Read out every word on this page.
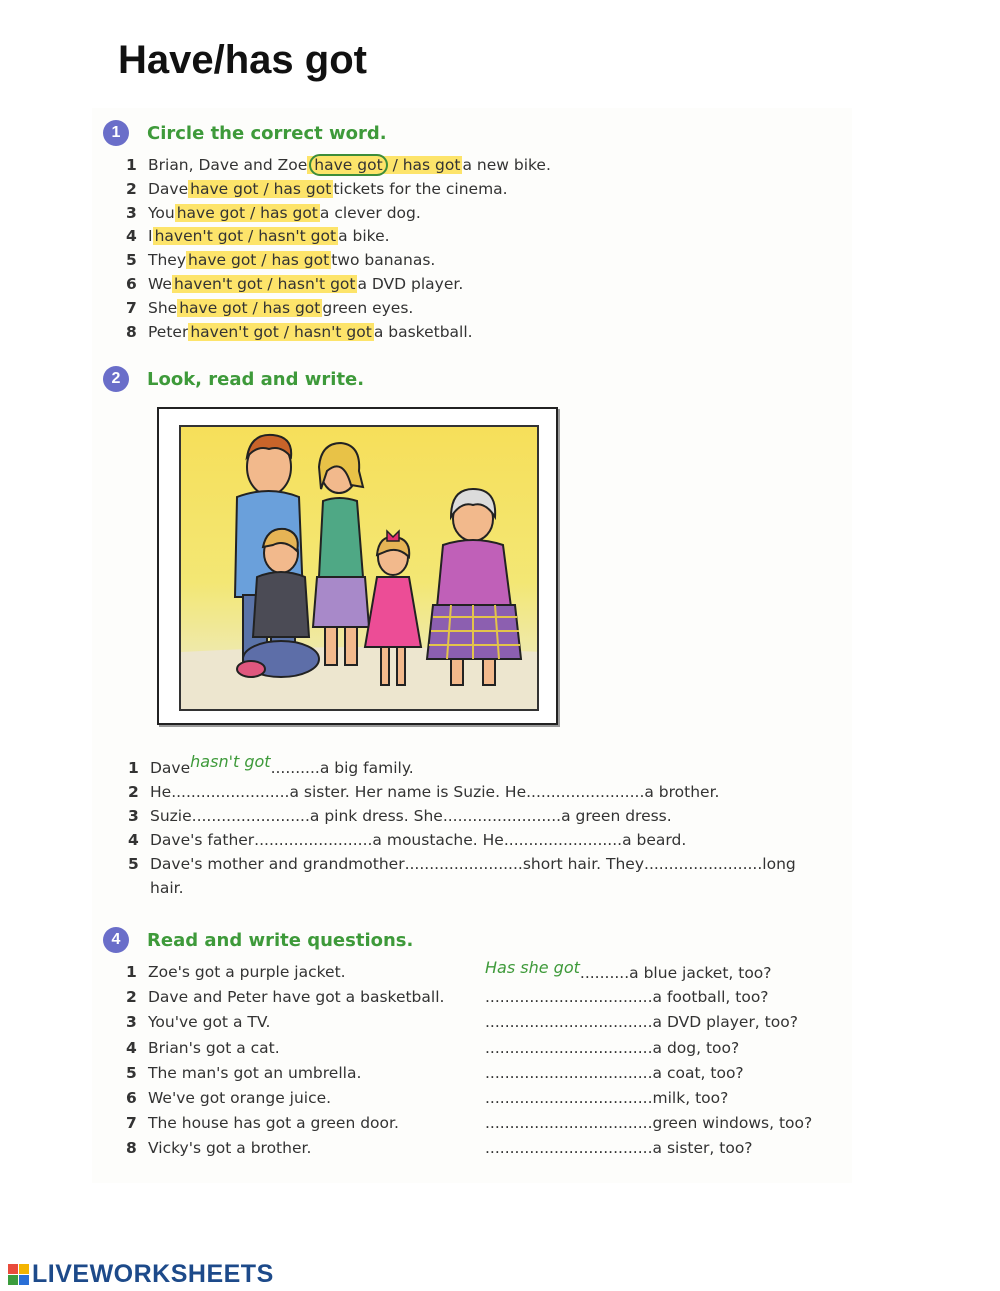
Have/has got
1	Circle the correct word.
1 Brian, Dave and Zoe have got / has got a new bike.
2 Dave have got / has got tickets for the cinema.
3 You have got / has got a clever dog.
4 I haven't got / hasn't got a bike.
5 They have got / has got two bananas.
6 We haven't got / hasn't got a DVD player.
7 She have got / has got green eyes.
8 Peter haven't got / hasn't got a basketball.
2	Look, read and write.
1 Dave hasn't got .......... a big family.
2 He ........................ a sister. Her name is Suzie. He ........................ a brother.
3 Suzie ........................ a pink dress. She ........................ a green dress.
4 Dave's father ........................ a moustache. He ........................ a beard.
5 Dave's mother and grandmother ........................ short hair. They ........................ long
hair.
4	Read and write questions.
1 Zoe's got a purple jacket.	Has she got .......... a blue jacket, too?
2 Dave and Peter have got a basketball.	.................................. a football, too?
3 You've got a TV.	.................................. a DVD player, too?
4 Brian's got a cat.	.................................. a dog, too?
5 The man's got an umbrella.	.................................. a coat, too?
6 We've got orange juice.	.................................. milk, too?
7 The house has got a green door.	.................................. green windows, too?
8 Vicky's got a brother.	.................................. a sister, too?
LIVEWORKSHEETS
